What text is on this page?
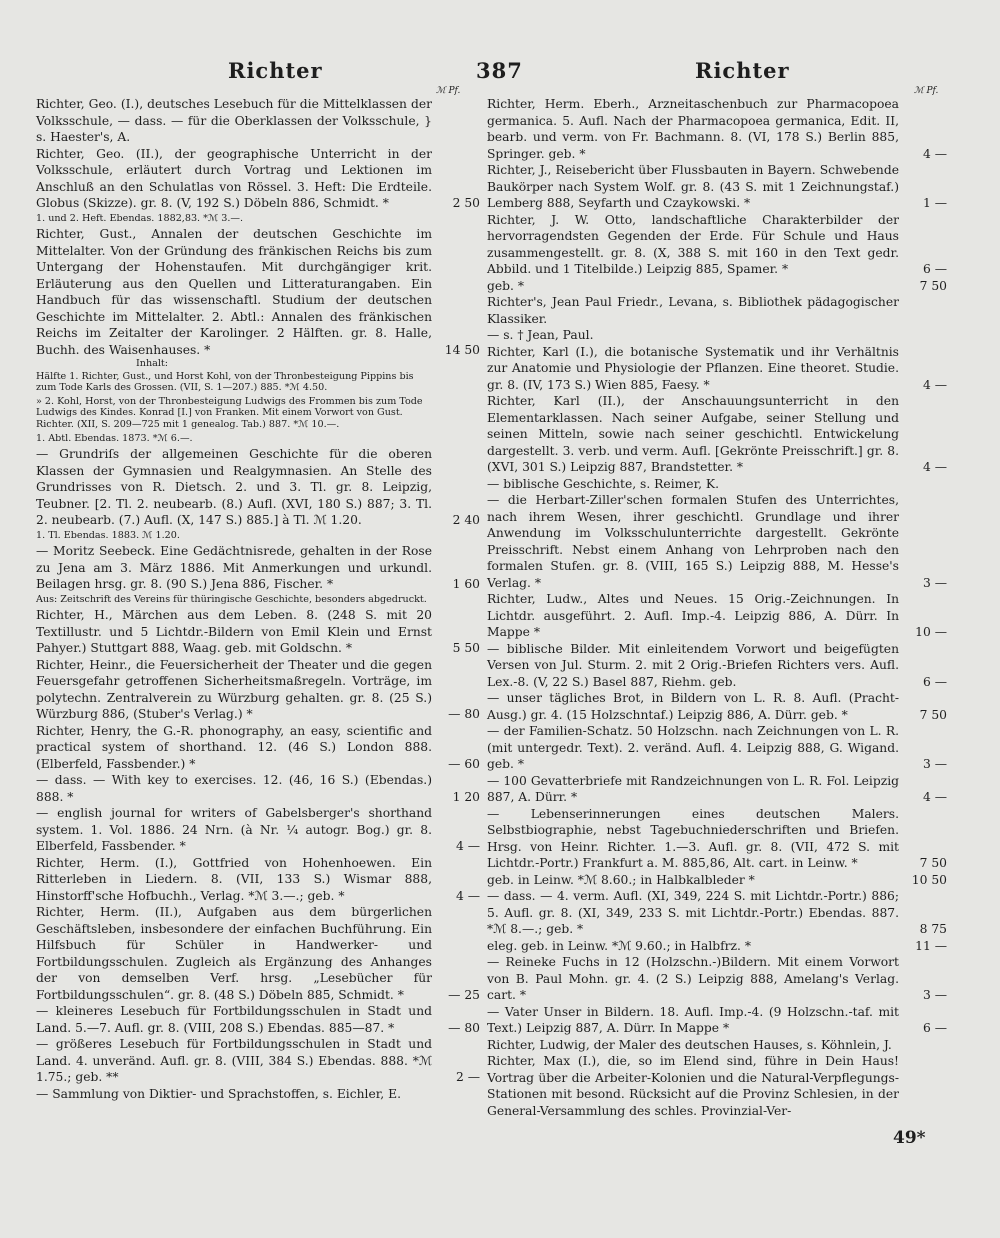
Richter	387	Richter
ℳ Pf.	ℳ Pf.
Richter, Geo. (I.), deutsches Lesebuch für die Mittelklassen der Volksschule, — dass. — für die Oberklassen der Volksschule, } s. Haester's, A.
Richter, Geo. (II.), der geographische Unterricht in der Volksschule, erläutert durch Vortrag und Lektionen im Anschluß an den Schulatlas von Rössel. 3. Heft: Die Erdteile. Globus (Skizze). gr. 8. (V, 192 S.) Döbeln 886, Schmidt. *	2 50
1. und 2. Heft. Ebendas. 1882,83. *ℳ 3.—.
Richter, Gust., Annalen der deutschen Geschichte im Mittelalter. Von der Gründung des fränkischen Reichs bis zum Untergang der Hohenstaufen. Mit durchgängiger krit. Erläuterung aus den Quellen und Litteraturangaben. Ein Handbuch für das wissenschaftl. Studium der deutschen Geschichte im Mittelalter. 2. Abtl.: Annalen des fränkischen Reichs im Zeitalter der Karolinger. 2 Hälften. gr. 8. Halle, Buchh. des Waisenhauses. *	14 50
Inhalt:
Hälfte 1. Richter, Gust., und Horst Kohl, von der Thronbesteigung Pippins bis zum Tode Karls des Grossen. (VII, S. 1—207.) 885. *ℳ 4.50.
» 2. Kohl, Horst, von der Thronbesteigung Ludwigs des Frommen bis zum Tode Ludwigs des Kindes. Konrad [I.] von Franken. Mit einem Vorwort von Gust. Richter. (XII, S. 209—725 mit 1 genealog. Tab.) 887. *ℳ 10.—.
1. Abtl. Ebendas. 1873. *ℳ 6.—.
— Grundriſs der allgemeinen Geschichte für die oberen Klassen der Gymnasien und Realgymnasien. An Stelle des Grundrisses von R. Dietsch. 2. und 3. Tl. gr. 8. Leipzig, Teubner. [2. Tl. 2. neubearb. (8.) Aufl. (XVI, 180 S.) 887; 3. Tl. 2. neubearb. (7.) Aufl. (X, 147 S.) 885.] à Tl. ℳ 1.20.	2 40
1. Tl. Ebendas. 1883. ℳ 1.20.
— Moritz Seebeck. Eine Gedächtnisrede, gehalten in der Rose zu Jena am 3. März 1886. Mit Anmerkungen und urkundl. Beilagen hrsg. gr. 8. (90 S.) Jena 886, Fischer. *	1 60
Aus: Zeitschrift des Vereins für thüringische Geschichte, besonders abgedruckt.
Richter, H., Märchen aus dem Leben. 8. (248 S. mit 20 Textillustr. und 5 Lichtdr.-Bildern von Emil Klein und Ernst Pahyer.) Stuttgart 888, Waag. geb. mit Goldschn. *	5 50
Richter, Heinr., die Feuersicherheit der Theater und die gegen Feuersgefahr getroffenen Sicherheitsmaßregeln. Vorträge, im polytechn. Zentralverein zu Würzburg gehalten. gr. 8. (25 S.) Würzburg 886, (Stuber's Verlag.) *	— 80
Richter, Henry, the G.-R. phonography, an easy, scientific and practical system of shorthand. 12. (46 S.) London 888. (Elberfeld, Fassbender.) *	— 60
— dass. — With key to exercises. 12. (46, 16 S.) (Ebendas.) 888. *	1 20
— english journal for writers of Gabelsberger's shorthand system. 1. Vol. 1886. 24 Nrn. (à Nr. ¼ autogr. Bog.) gr. 8. Elberfeld, Fassbender. *	4 —
Richter, Herm. (I.), Gottfried von Hohenhoewen. Ein Ritterleben in Liedern. 8. (VII, 133 S.) Wismar 888, Hinstorff'sche Hofbuchh., Verlag. *ℳ 3.—.; geb. *	4 —
Richter, Herm. (II.), Aufgaben aus dem bürgerlichen Geschäftsleben, insbesondere der einfachen Buchführung. Ein Hilfsbuch für Schüler in Handwerker- und Fortbildungsschulen. Zugleich als Ergänzung des Anhanges der von demselben Verf. hrsg. „Lesebücher für Fortbildungsschulen“. gr. 8. (48 S.) Döbeln 885, Schmidt. *	— 25
— kleineres Lesebuch für Fortbildungsschulen in Stadt und Land. 5.—7. Aufl. gr. 8. (VIII, 208 S.) Ebendas. 885—87. *	— 80
— größeres Lesebuch für Fortbildungsschulen in Stadt und Land. 4. unveränd. Aufl. gr. 8. (VIII, 384 S.) Ebendas. 888. *ℳ 1.75.; geb. **	2 —
— Sammlung von Diktier- und Sprachstoffen, s. Eichler, E.
Richter, Herm. Eberh., Arzneitaschenbuch zur Pharmacopoea germanica. 5. Aufl. Nach der Pharmacopoea germanica, Edit. II, bearb. und verm. von Fr. Bachmann. 8. (VI, 178 S.) Berlin 885, Springer. geb. *	4 —
Richter, J., Reisebericht über Flussbauten in Bayern. Schwebende Baukörper nach System Wolf. gr. 8. (43 S. mit 1 Zeichnungstaf.) Lemberg 888, Seyfarth und Czaykowski. *	1 —
Richter, J. W. Otto, landschaftliche Charakterbilder der hervorragendsten Gegenden der Erde. Für Schule und Haus zusammengestellt. gr. 8. (X, 388 S. mit 160 in den Text gedr. Abbild. und 1 Titelbilde.) Leipzig 885, Spamer. *	6 —
geb. *	7 50
Richter's, Jean Paul Friedr., Levana, s. Bibliothek pädagogischer Klassiker.
— s. † Jean, Paul.
Richter, Karl (I.), die botanische Systematik und ihr Verhältnis zur Anatomie und Physiologie der Pflanzen. Eine theoret. Studie. gr. 8. (IV, 173 S.) Wien 885, Faesy. *	4 —
Richter, Karl (II.), der Anschauungsunterricht in den Elementarklassen. Nach seiner Aufgabe, seiner Stellung und seinen Mitteln, sowie nach seiner geschichtl. Entwickelung dargestellt. 3. verb. und verm. Aufl. [Gekrönte Preisschrift.] gr. 8. (XVI, 301 S.) Leipzig 887, Brandstetter. *	4 —
— biblische Geschichte, s. Reimer, K.
— die Herbart-Ziller'schen formalen Stufen des Unterrichtes, nach ihrem Wesen, ihrer geschichtl. Grundlage und ihrer Anwendung im Volksschulunterrichte dargestellt. Gekrönte Preisschrift. Nebst einem Anhang von Lehrproben nach den formalen Stufen. gr. 8. (VIII, 165 S.) Leipzig 888, M. Hesse's Verlag. *	3 —
Richter, Ludw., Altes und Neues. 15 Orig.-Zeichnungen. In Lichtdr. ausgeführt. 2. Aufl. Imp.-4. Leipzig 886, A. Dürr. In Mappe *	10 —
— biblische Bilder. Mit einleitendem Vorwort und beigefügten Versen von Jul. Sturm. 2. mit 2 Orig.-Briefen Richters vers. Aufl. Lex.-8. (V, 22 S.) Basel 887, Riehm. geb.	6 —
— unser tägliches Brot, in Bildern von L. R. 8. Aufl. (Pracht-Ausg.) gr. 4. (15 Holzschntaf.) Leipzig 886, A. Dürr. geb. *	7 50
— der Familien-Schatz. 50 Holzschn. nach Zeichnungen von L. R. (mit untergedr. Text). 2. veränd. Aufl. 4. Leipzig 888, G. Wigand. geb. *	3 —
— 100 Gevatterbriefe mit Randzeichnungen von L. R. Fol. Leipzig 887, A. Dürr. *	4 —
— Lebenserinnerungen eines deutschen Malers. Selbstbiographie, nebst Tagebuchniederschriften und Briefen. Hrsg. von Heinr. Richter. 1.—3. Aufl. gr. 8. (VII, 472 S. mit Lichtdr.-Portr.) Frankfurt a. M. 885,86, Alt. cart. in Leinw. *	7 50
geb. in Leinw. *ℳ 8.60.; in Halbkalbleder *	10 50
— dass. — 4. verm. Aufl. (XI, 349, 224 S. mit Lichtdr.-Portr.) 886; 5. Aufl. gr. 8. (XI, 349, 233 S. mit Lichtdr.-Portr.) Ebendas. 887. *ℳ 8.—.; geb. *	8 75
eleg. geb. in Leinw. *ℳ 9.60.; in Halbfrz. *	11 —
— Reineke Fuchs in 12 (Holzschn.-)Bildern. Mit einem Vorwort von B. Paul Mohn. gr. 4. (2 S.) Leipzig 888, Amelang's Verlag. cart. *	3 —
— Vater Unser in Bildern. 18. Aufl. Imp.-4. (9 Holzschn.-taf. mit Text.) Leipzig 887, A. Dürr. In Mappe *	6 —
Richter, Ludwig, der Maler des deutschen Hauses, s. Köhnlein, J.
Richter, Max (I.), die, so im Elend sind, führe in Dein Haus! Vortrag über die Arbeiter-Kolonien und die Natural-Verpflegungs-Stationen mit besond. Rücksicht auf die Provinz Schlesien, in der General-Versammlung des schles. Provinzial-Ver-
49*
